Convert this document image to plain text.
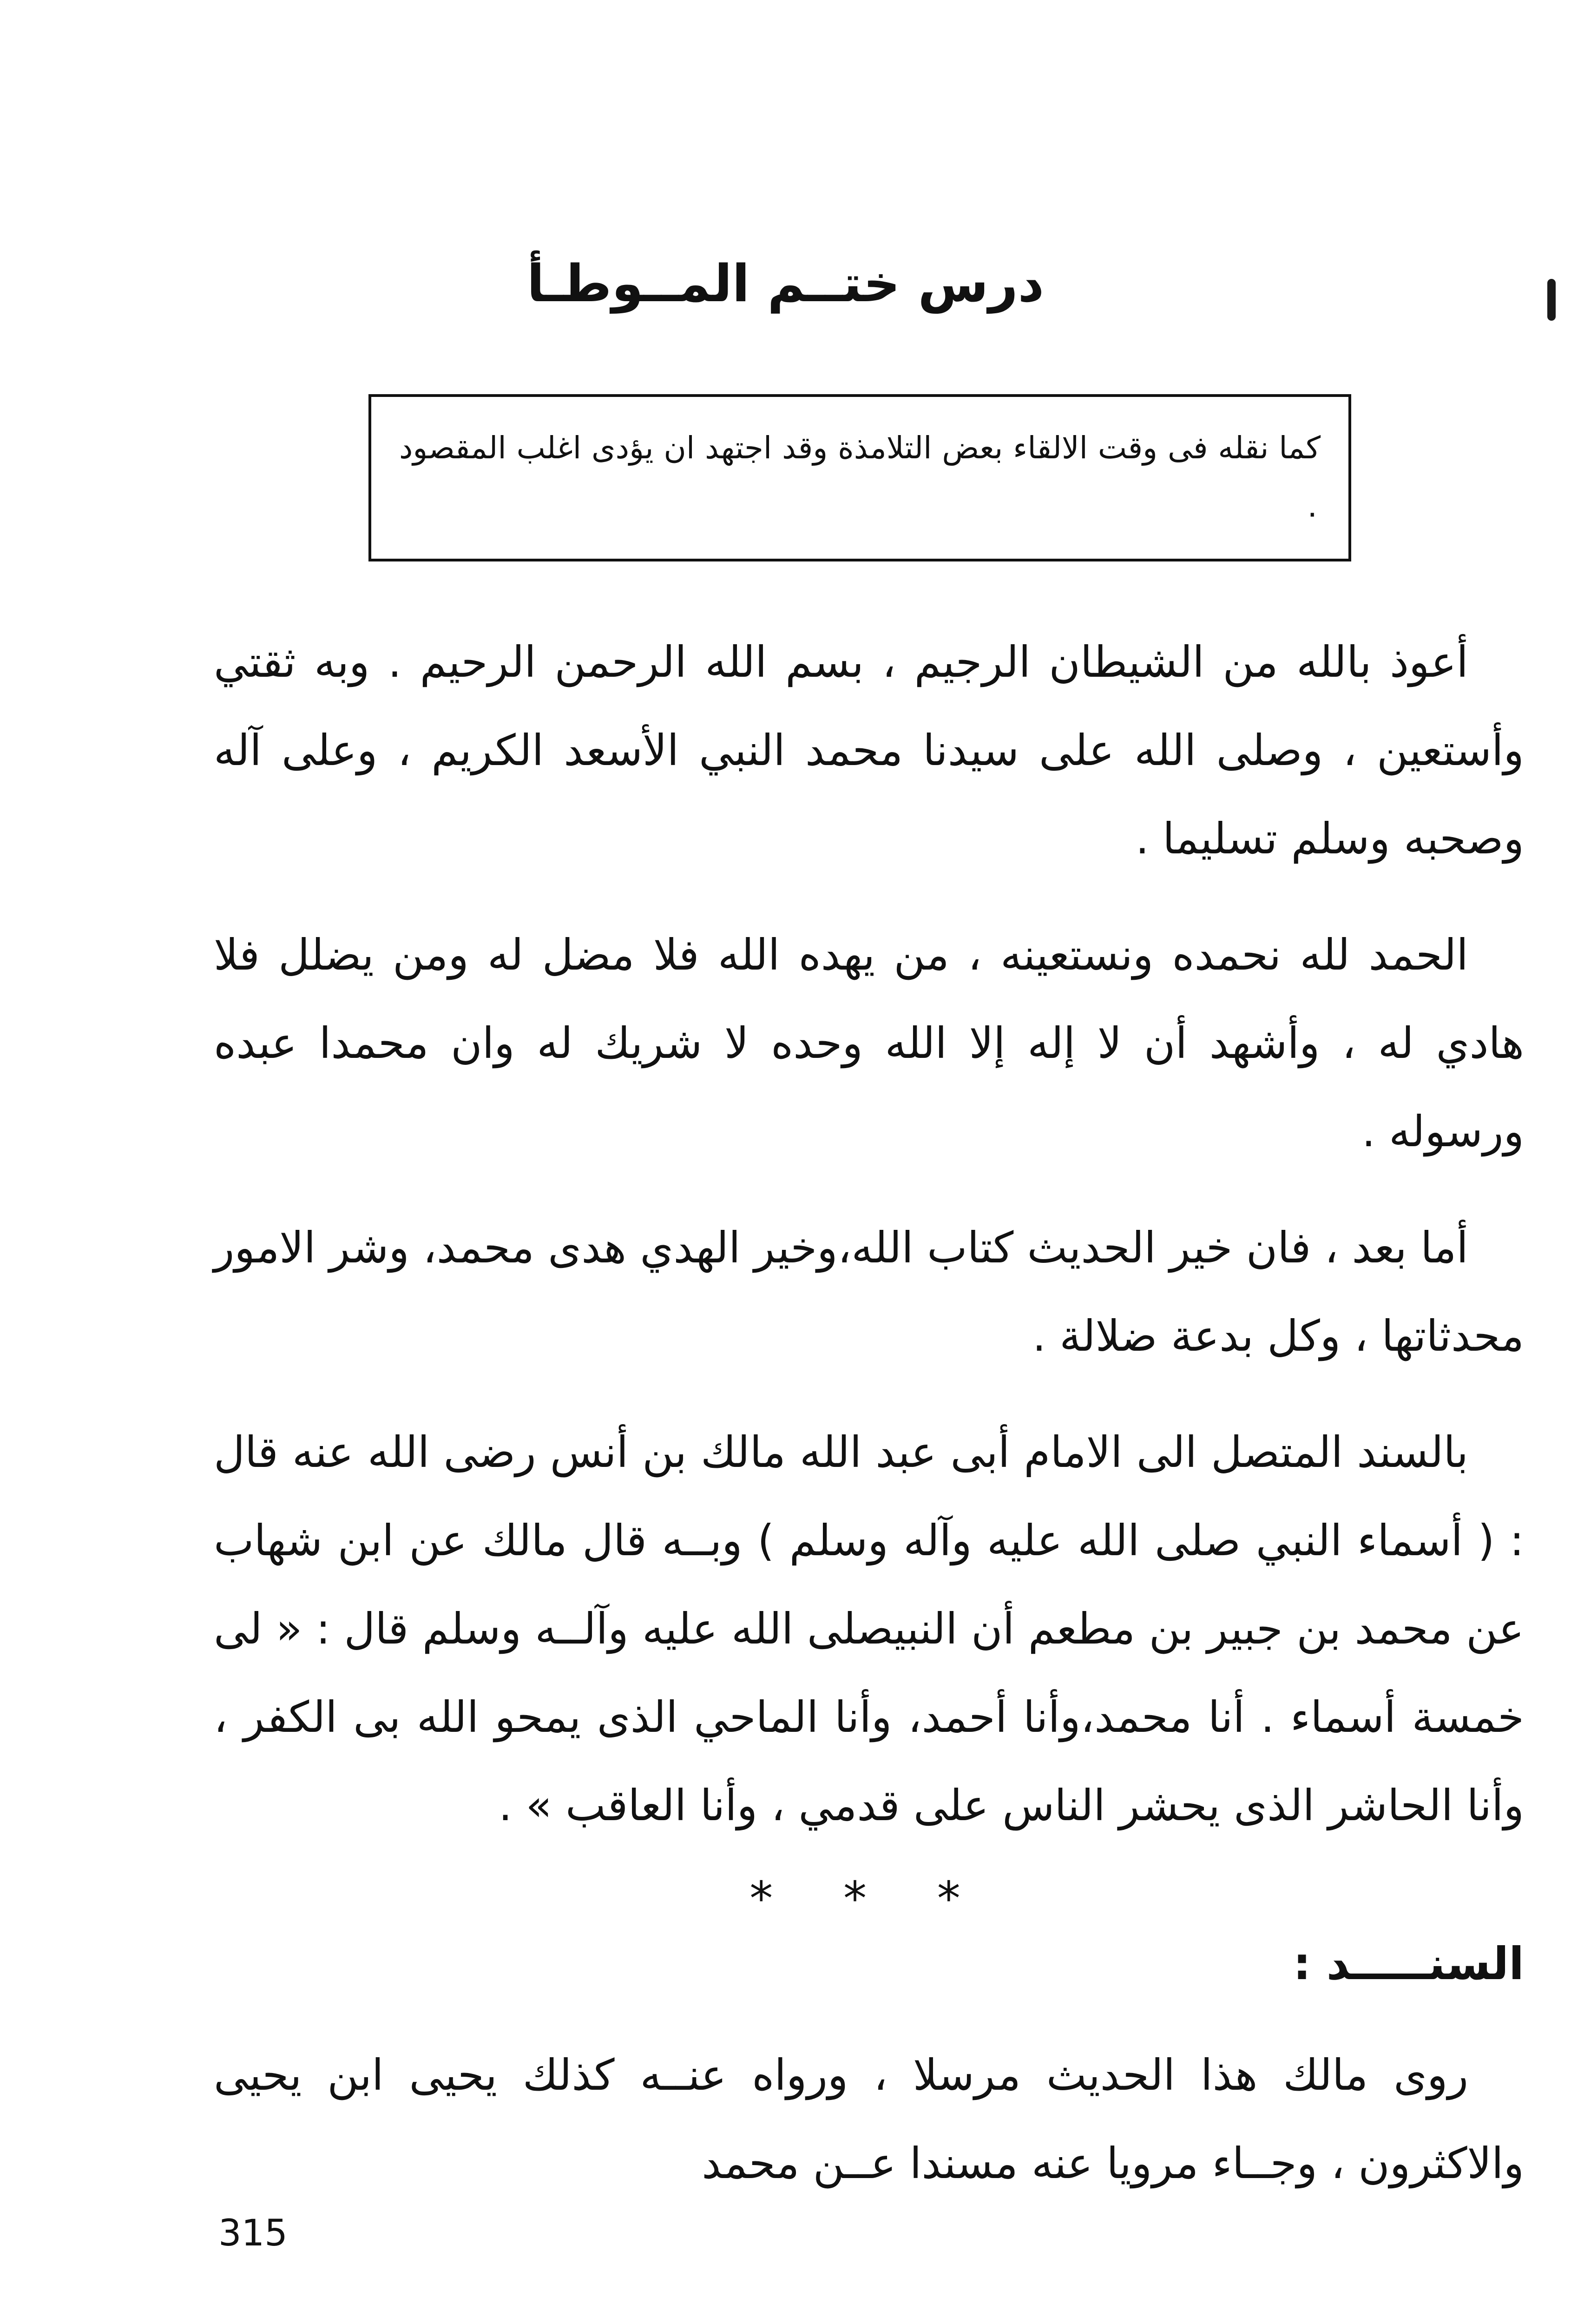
درس ختــم المــوطـأ
كما نقله فى وقت الالقاء بعض التلامذة وقد اجتهد ان يؤدى اغلب المقصود ٠

أعوذ بالله من الشيطان الرجيم ، بسم الله الرحمن الرحيم . وبه ثقتي وأستعين ، وصلى الله على سيدنا محمد النبي الأسعد الكريم ، وعلى آله وصحبه وسلم تسليما .

الحمد لله نحمده ونستعينه ، من يهده الله فلا مضل له ومن يضلل فلا هادي له ، وأشهد أن لا إله إلا الله وحده لا شريك له وان محمدا عبده ورسوله .

أما بعد ، فان خير الحديث كتاب الله،وخير الهدي هدى محمد، وشر الامور محدثاتها ، وكل بدعة ضلالة .

بالسند المتصل الى الامام أبى عبد الله مالك بن أنس رضى الله عنه قال : ( أسماء النبي صلى الله عليه وآله وسلم ) وبــه قال مالك عن ابن شهاب عن محمد بن جبير بن مطعم أن النبيصلى الله عليه وآلــه وسلم قال : « لى خمسة أسماء . أنا محمد،وأنا أحمد، وأنا الماحي الذى يمحو الله بى الكفر ، وأنا الحاشر الذى يحشر الناس على قدمي ، وأنا العاقب » .

* * *
السنـــــد :

روى مالك هذا الحديث مرسلا ، ورواه عنــه كذلك يحيى ابن يحيى والاكثرون ، وجــاء مرويا عنه مسندا عــن محمد

315
